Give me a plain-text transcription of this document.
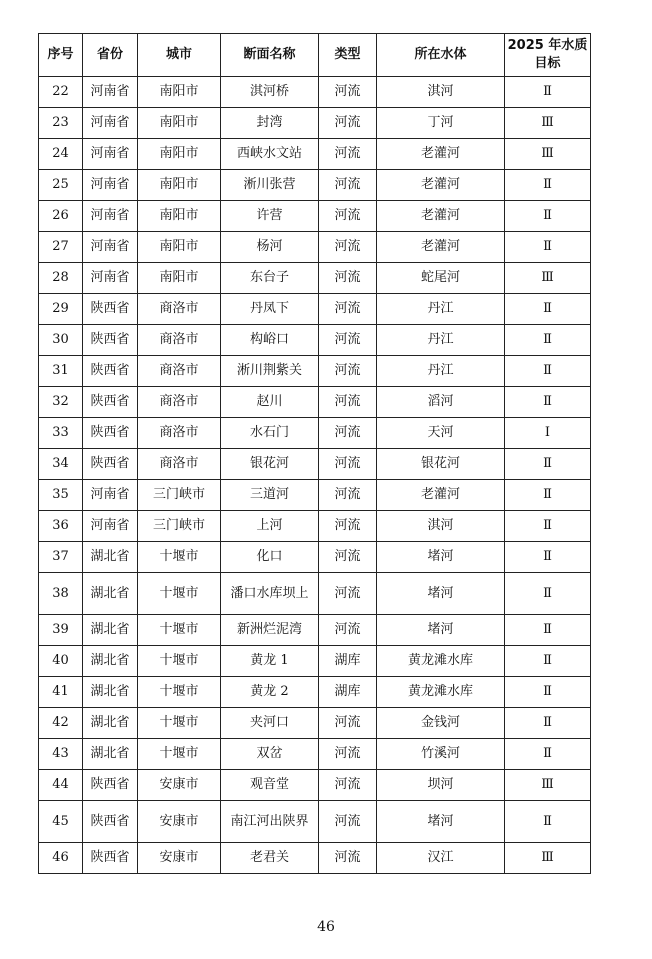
序号	省份	城市	断面名称	类型	所在水体	2025 年水质目标
22	河南省	南阳市	淇河桥	河流	淇河	Ⅱ
23	河南省	南阳市	封湾	河流	丁河	Ⅲ
24	河南省	南阳市	西峡水文站	河流	老灌河	Ⅲ
25	河南省	南阳市	淅川张营	河流	老灌河	Ⅱ
26	河南省	南阳市	许营	河流	老灌河	Ⅱ
27	河南省	南阳市	杨河	河流	老灌河	Ⅱ
28	河南省	南阳市	东台子	河流	蛇尾河	Ⅲ
29	陕西省	商洛市	丹凤下	河流	丹江	Ⅱ
30	陕西省	商洛市	构峪口	河流	丹江	Ⅱ
31	陕西省	商洛市	淅川荆紫关	河流	丹江	Ⅱ
32	陕西省	商洛市	赵川	河流	滔河	Ⅱ
33	陕西省	商洛市	水石门	河流	天河	Ⅰ
34	陕西省	商洛市	银花河	河流	银花河	Ⅱ
35	河南省	三门峡市	三道河	河流	老灌河	Ⅱ
36	河南省	三门峡市	上河	河流	淇河	Ⅱ
37	湖北省	十堰市	化口	河流	堵河	Ⅱ
38	湖北省	十堰市	潘口水库坝上	河流	堵河	Ⅱ
39	湖北省	十堰市	新洲烂泥湾	河流	堵河	Ⅱ
40	湖北省	十堰市	黄龙 1	湖库	黄龙滩水库	Ⅱ
41	湖北省	十堰市	黄龙 2	湖库	黄龙滩水库	Ⅱ
42	湖北省	十堰市	夹河口	河流	金钱河	Ⅱ
43	湖北省	十堰市	双岔	河流	竹溪河	Ⅱ
44	陕西省	安康市	观音堂	河流	坝河	Ⅲ
45	陕西省	安康市	南江河出陕界	河流	堵河	Ⅱ
46	陕西省	安康市	老君关	河流	汉江	Ⅲ
46
